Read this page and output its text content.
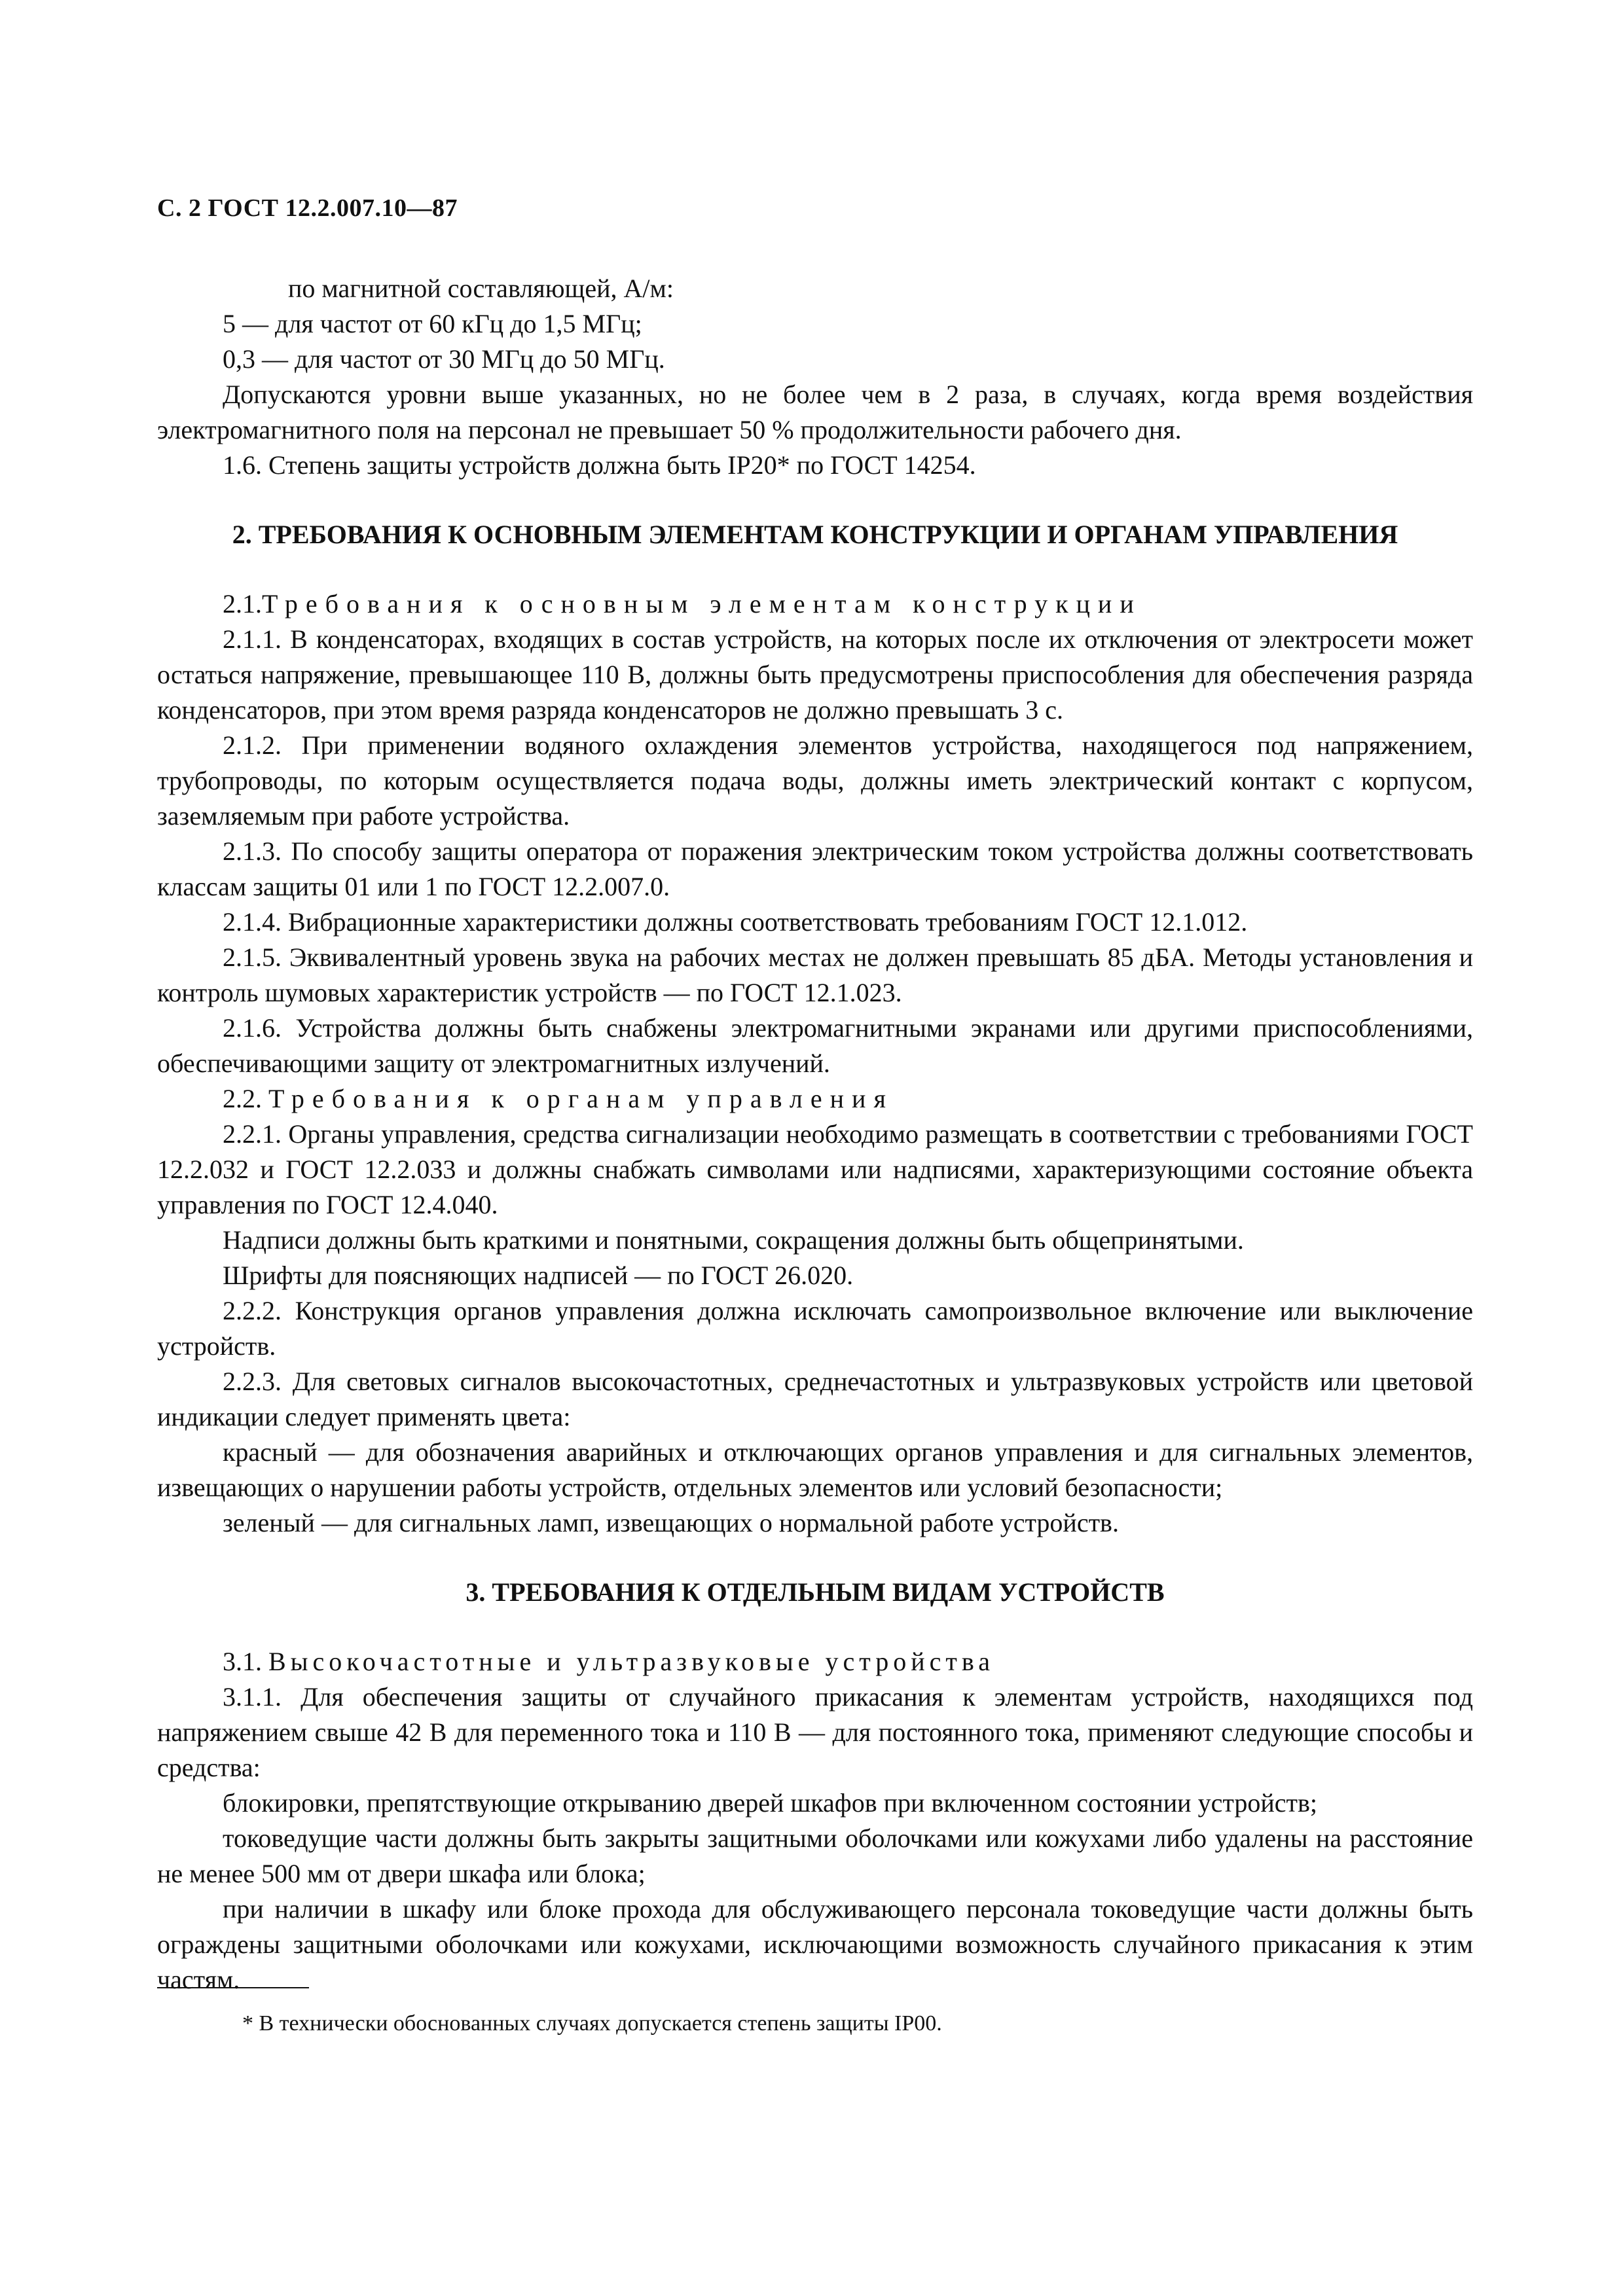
С. 2 ГОСТ 12.2.007.10—87

по магнитной составляющей, А/м:

5 — для частот от 60 кГц до 1,5 МГц;

0,3 — для частот от 30 МГц до 50 МГц.

Допускаются уровни выше указанных, но не более чем в 2 раза, в случаях, когда время воздействия электромагнитного поля на персонал не превышает 50 % продолжительности рабочего дня.

1.6. Степень защиты устройств должна быть IP20* по ГОСТ 14254.

2. ТРЕБОВАНИЯ К ОСНОВНЫМ ЭЛЕМЕНТАМ КОНСТРУКЦИИ И ОРГАНАМ УПРАВЛЕНИЯ

2.1.Требования к основным элементам конструкции

2.1.1. В конденсаторах, входящих в состав устройств, на которых после их отключения от электросети может остаться напряжение, превышающее 110 В, должны быть предусмотрены приспособления для обеспечения разряда конденсаторов, при этом время разряда конденсаторов не должно превышать 3 с.

2.1.2. При применении водяного охлаждения элементов устройства, находящегося под напряжением, трубопроводы, по которым осуществляется подача воды, должны иметь электрический контакт с корпусом, заземляемым при работе устройства.

2.1.3. По способу защиты оператора от поражения электрическим током устройства должны соответствовать классам защиты 01 или 1 по ГОСТ 12.2.007.0.

2.1.4. Вибрационные характеристики должны соответствовать требованиям ГОСТ 12.1.012.

2.1.5. Эквивалентный уровень звука на рабочих местах не должен превышать 85 дБА. Методы установления и контроль шумовых характеристик устройств — по ГОСТ 12.1.023.

2.1.6. Устройства должны быть снабжены электромагнитными экранами или другими приспособлениями, обеспечивающими защиту от электромагнитных излучений.

2.2. Требования к органам управления

2.2.1. Органы управления, средства сигнализации необходимо размещать в соответствии с требованиями ГОСТ 12.2.032 и ГОСТ 12.2.033 и должны снабжать символами или надписями, характеризующими состояние объекта управления по ГОСТ 12.4.040.

Надписи должны быть краткими и понятными, сокращения должны быть общепринятыми.

Шрифты для поясняющих надписей — по ГОСТ 26.020.

2.2.2. Конструкция органов управления должна исключать самопроизвольное включение или выключение устройств.

2.2.3. Для световых сигналов высокочастотных, среднечастотных и ультразвуковых устройств или цветовой индикации следует применять цвета:

красный — для обозначения аварийных и отключающих органов управления и для сигнальных элементов, извещающих о нарушении работы устройств, отдельных элементов или условий безопасности;

зеленый — для сигнальных ламп, извещающих о нормальной работе устройств.

3. ТРЕБОВАНИЯ К ОТДЕЛЬНЫМ ВИДАМ УСТРОЙСТВ

3.1. Высокочастотные и ультразвуковые устройства

3.1.1. Для обеспечения защиты от случайного прикасания к элементам устройств, находящихся под напряжением свыше 42 В для переменного тока и 110 В — для постоянного тока, применяют следующие способы и средства:

блокировки, препятствующие открыванию дверей шкафов при включенном состоянии устройств;

токоведущие части должны быть закрыты защитными оболочками или кожухами либо удалены на расстояние не менее 500 мм от двери шкафа или блока;

при наличии в шкафу или блоке прохода для обслуживающего персонала токоведущие части должны быть ограждены защитными оболочками или кожухами, исключающими возможность случайного прикасания к этим частям.

* В технически обоснованных случаях допускается степень защиты IP00.
